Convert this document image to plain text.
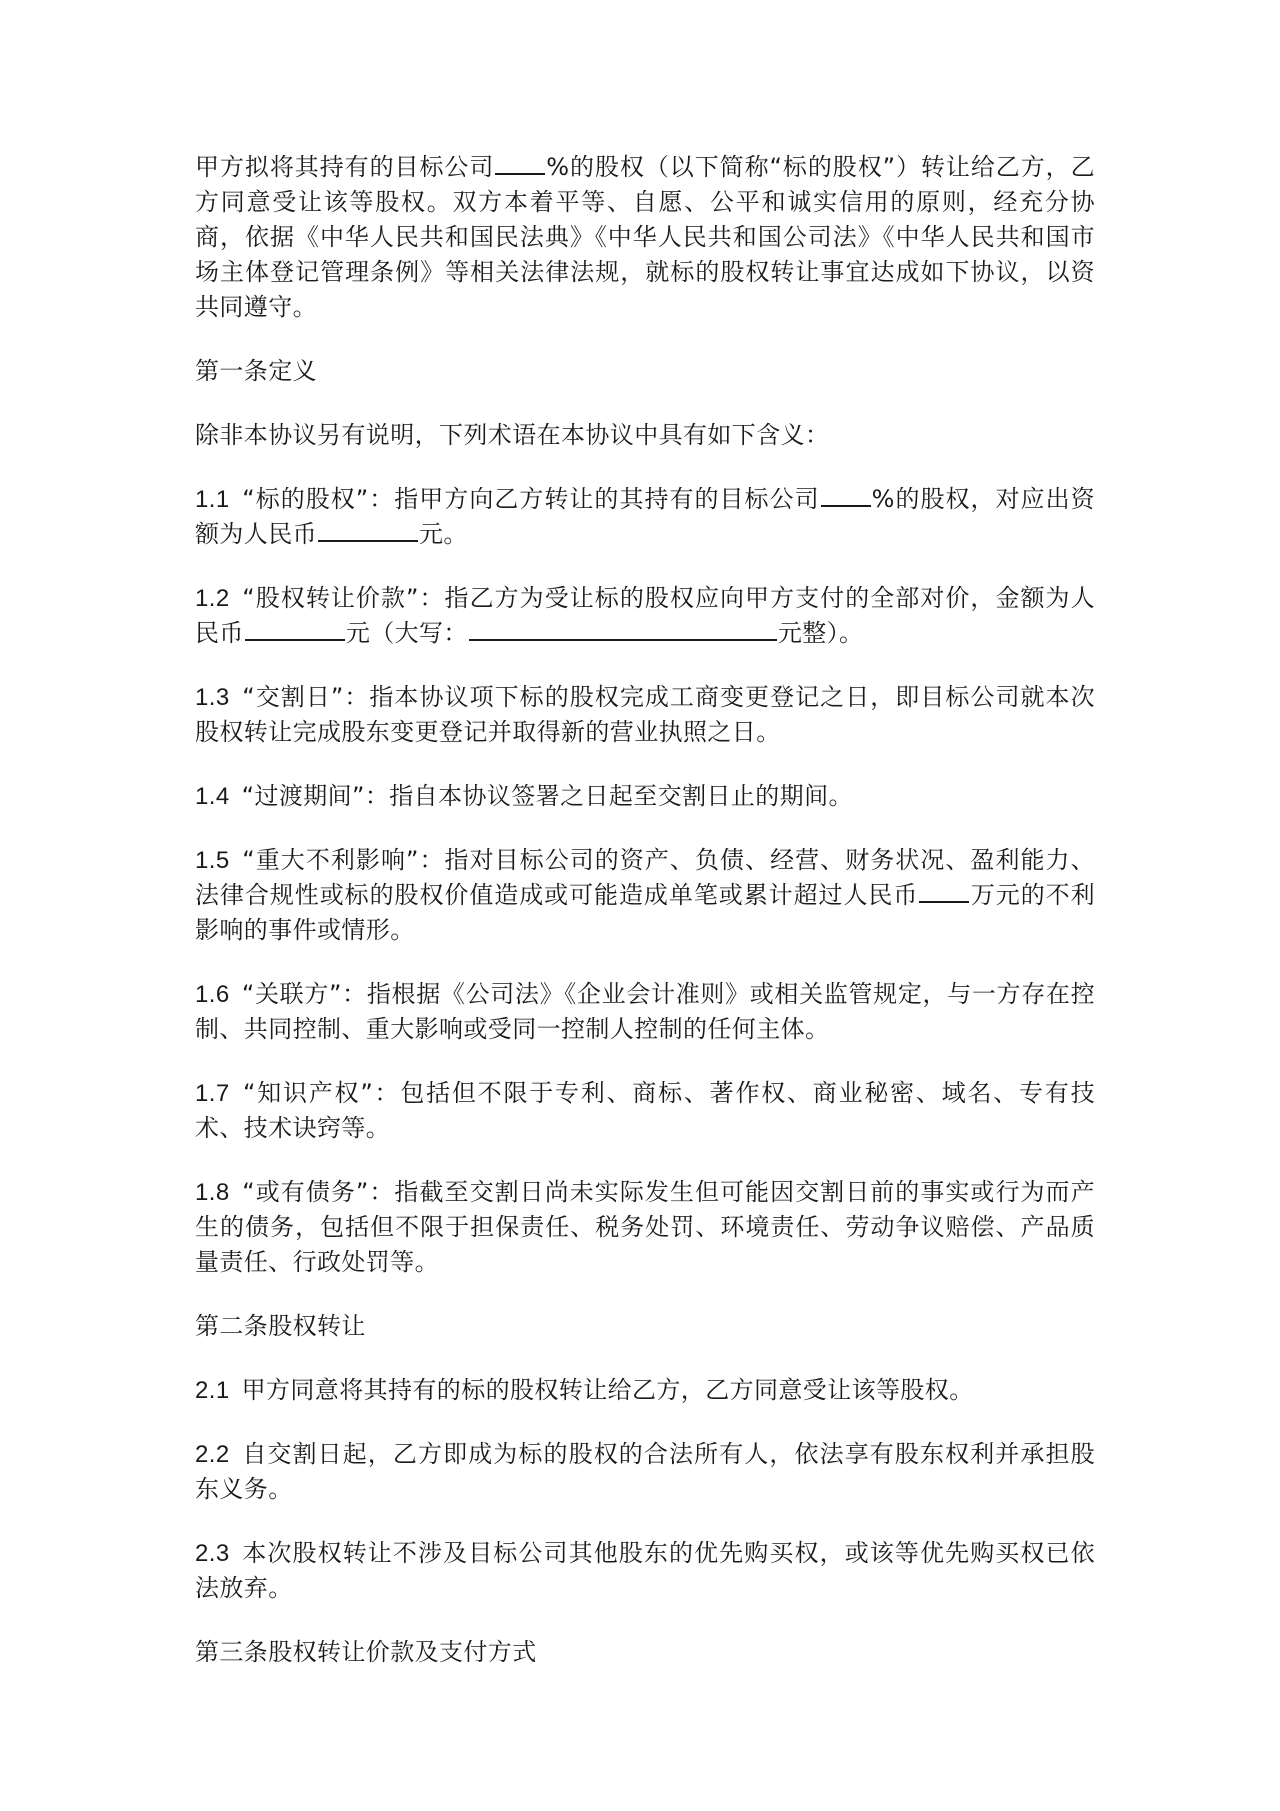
甲方拟将其持有的目标公司 %的股权（以下简称“标的股权”）转让给乙方，乙方同意受让该等股权。双方本着平等、自愿、公平和诚实信用的原则，经充分协商，依据《中华人民共和国民法典》《中华人民共和国公司法》《中华人民共和国市场主体登记管理条例》等相关法律法规，就标的股权转让事宜达成如下协议，以资共同遵守。

第一条定义

除非本协议另有说明，下列术语在本协议中具有如下含义：

1.1 “标的股权”：指甲方向乙方转让的其持有的目标公司 %的股权，对应出资额为人民币	元。

1.2 “股权转让价款”：指乙方为受让标的股权应向甲方支付的全部对价，金额为人民币	元（大写：	元整）。

1.3 “交割日”：指本协议项下标的股权完成工商变更登记之日，即目标公司就本次股权转让完成股东变更登记并取得新的营业执照之日。

1.4 “过渡期间”：指自本协议签署之日起至交割日止的期间。

1.5 “重大不利影响”：指对目标公司的资产、负债、经营、财务状况、盈利能力、法律合规性或标的股权价值造成或可能造成单笔或累计超过人民币 万元的不利影响的事件或情形。

1.6 “关联方”：指根据《公司法》《企业会计准则》或相关监管规定，与一方存在控制、共同控制、重大影响或受同一控制人控制的任何主体。

1.7 “知识产权”：包括但不限于专利、商标、著作权、商业秘密、域名、专有技术、技术诀窍等。

1.8 “或有债务”：指截至交割日尚未实际发生但可能因交割日前的事实或行为而产生的债务，包括但不限于担保责任、税务处罚、环境责任、劳动争议赔偿、产品质量责任、行政处罚等。

第二条股权转让

2.1 甲方同意将其持有的标的股权转让给乙方，乙方同意受让该等股权。

2.2 自交割日起，乙方即成为标的股权的合法所有人，依法享有股东权利并承担股东义务。

2.3 本次股权转让不涉及目标公司其他股东的优先购买权，或该等优先购买权已依法放弃。

第三条股权转让价款及支付方式
